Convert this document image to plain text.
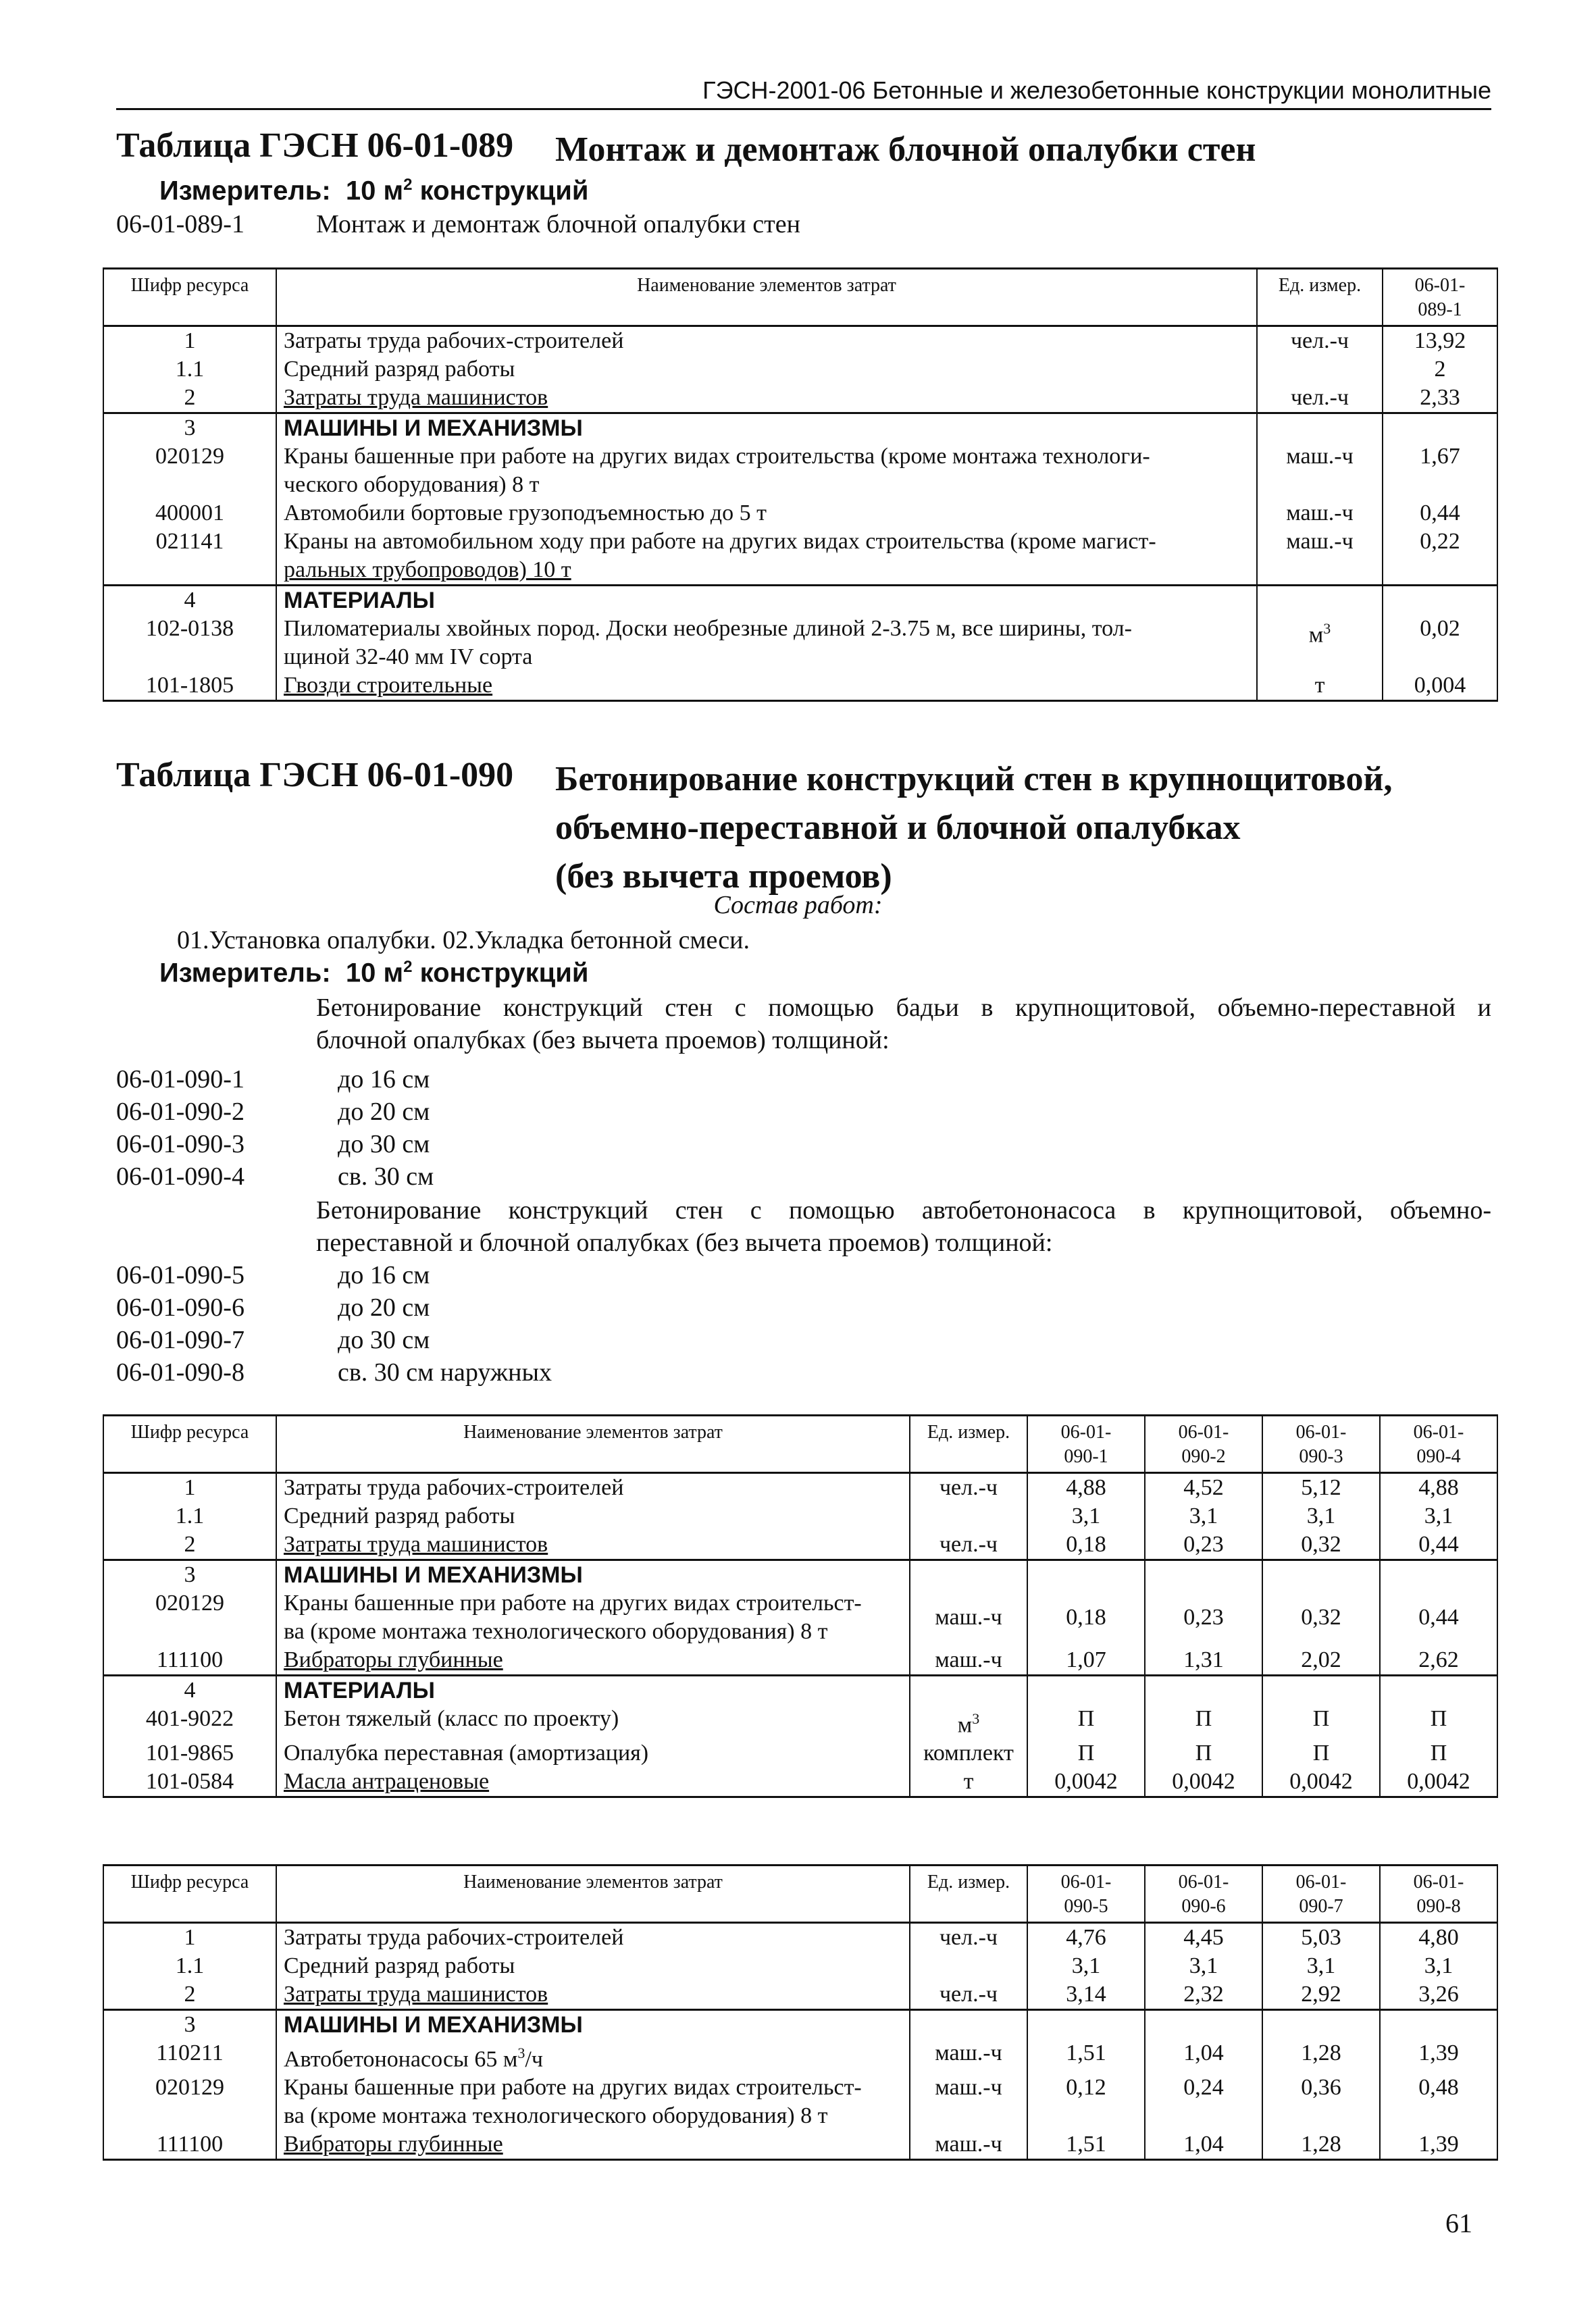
ГЭСН-2001-06 Бетонные и железобетонные конструкции монолитные
Таблица ГЭСН 06-01-089 Монтаж и демонтаж блочной опалубки стен
Измеритель: 10 $м^2$ конструкций
06-01-089-1	Монтаж и демонтаж блочной опалубки стен
Шифр ресурса	Наименование элементов затрат	Ед. измер.	06-01-
089-1
1	Затраты труда рабочих-строителей	чел.-ч	13,92
1.1	Средний разряд работы		2
2	Затраты труда машинистов	чел.-ч	2,33
3	МАШИНЫ И МЕХАНИЗМЫ		
020129	Краны башенные при работе на других видах строительства (кроме монтажа технологи-
ческого оборудования) 8 т	маш.-ч	1,67
400001	Автомобили бортовые грузоподъемностью до 5 т	маш.-ч	0,44
021141	Краны на автомобильном ходу при работе на других видах строительства (кроме магист-
ральных трубопроводов) 10 т	маш.-ч	0,22
4	МАТЕРИАЛЫ		
102-0138	Пиломатериалы хвойных пород. Доски необрезные длиной 2-3.75 м, все ширины, тол-
щиной 32-40 мм IV сорта	$м^3$	0,02
101-1805	Гвозди строительные	т	0,004
Таблица ГЭСН 06-01-090 Бетонирование конструкций стен в крупнощитовой,
объемно-переставной и блочной опалубках
(без вычета проемов)
Состав работ:
01.Установка опалубки. 02.Укладка бетонной смеси.
Измеритель: 10 $м^2$ конструкций
Бетонирование конструкций стен с помощью бадьи в крупнощитовой, объемно-переставной и
блочной опалубках (без вычета проемов) толщиной:
06-01-090-1	до 16 см
06-01-090-2	до 20 см
06-01-090-3	до 30 см
06-01-090-4	св. 30 см
Бетонирование конструкций стен с помощью автобетононасоса в крупнощитовой, объемно-
переставной и блочной опалубках (без вычета проемов) толщиной:
06-01-090-5	до 16 см
06-01-090-6	до 20 см
06-01-090-7	до 30 см
06-01-090-8	св. 30 см наружных
Шифр ресурса	Наименование элементов затрат	Ед. измер.	06-01-
090-1	06-01-
090-2	06-01-
090-3	06-01-
090-4
1	Затраты труда рабочих-строителей	чел.-ч	4,88	4,52	5,12	4,88
1.1	Средний разряд работы		3,1	3,1	3,1	3,1
2	Затраты труда машинистов	чел.-ч	0,18	0,23	0,32	0,44
3	МАШИНЫ И МЕХАНИЗМЫ					
020129	Краны башенные при работе на других видах строительст-
ва (кроме монтажа технологического оборудования) 8 т	маш.-ч	0,18	0,23	0,32	0,44
111100	Вибраторы глубинные	маш.-ч	1,07	1,31	2,02	2,62
4	МАТЕРИАЛЫ					
401-9022	Бетон тяжелый (класс по проекту)	$м^3$	П	П	П	П
101-9865	Опалубка переставная (амортизация)	комплект	П	П	П	П
101-0584	Масла антраценовые	т	0,0042	0,0042	0,0042	0,0042
Шифр ресурса	Наименование элементов затрат	Ед. измер.	06-01-
090-5	06-01-
090-6	06-01-
090-7	06-01-
090-8
1	Затраты труда рабочих-строителей	чел.-ч	4,76	4,45	5,03	4,80
1.1	Средний разряд работы		3,1	3,1	3,1	3,1
2	Затраты труда машинистов	чел.-ч	3,14	2,32	2,92	3,26
3	МАШИНЫ И МЕХАНИЗМЫ					
110211	Автобетононасосы 65 $м^3/ч$	маш.-ч	1,51	1,04	1,28	1,39
020129	Краны башенные при работе на других видах строительст-
ва (кроме монтажа технологического оборудования) 8 т	маш.-ч	0,12	0,24	0,36	0,48
111100	Вибраторы глубинные	маш.-ч	1,51	1,04	1,28	1,39
61
